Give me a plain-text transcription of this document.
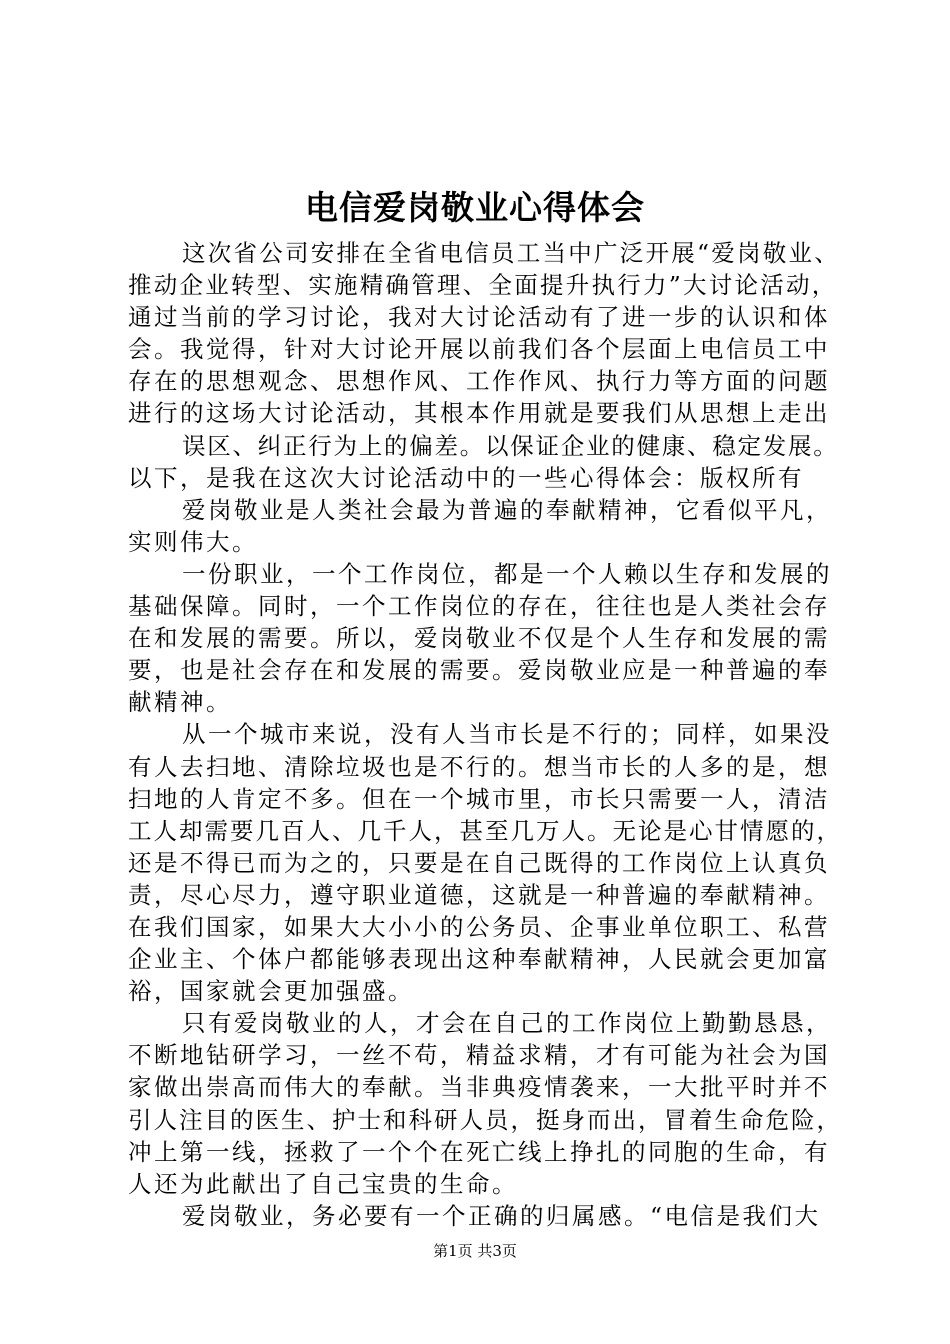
电信爱岗敬业心得体会
这次省公司安排在全省电信员工当中广泛开展“爱岗敬业、
推动企业转型、实施精确管理、全面提升执行力”大讨论活动，
通过当前的学习讨论，我对大讨论活动有了进一步的认识和体
会。我觉得，针对大讨论开展以前我们各个层面上电信员工中
存在的思想观念、思想作风、工作作风、执行力等方面的问题
进行的这场大讨论活动，其根本作用就是要我们从思想上走出
误区、纠正行为上的偏差。以保证企业的健康、稳定发展。
以下，是我在这次大讨论活动中的一些心得体会：版权所有
爱岗敬业是人类社会最为普遍的奉献精神，它看似平凡，
实则伟大。
一份职业，一个工作岗位，都是一个人赖以生存和发展的
基础保障。同时，一个工作岗位的存在，往往也是人类社会存
在和发展的需要。所以，爱岗敬业不仅是个人生存和发展的需
要，也是社会存在和发展的需要。爱岗敬业应是一种普遍的奉
献精神。
从一个城市来说，没有人当市长是不行的；同样，如果没
有人去扫地、清除垃圾也是不行的。想当市长的人多的是，想
扫地的人肯定不多。但在一个城市里，市长只需要一人，清洁
工人却需要几百人、几千人，甚至几万人。无论是心甘情愿的，
还是不得已而为之的，只要是在自己既得的工作岗位上认真负
责，尽心尽力，遵守职业道德，这就是一种普遍的奉献精神。
在我们国家，如果大大小小的公务员、企事业单位职工、私营
企业主、个体户都能够表现出这种奉献精神，人民就会更加富
裕，国家就会更加强盛。
只有爱岗敬业的人，才会在自己的工作岗位上勤勤恳恳，
不断地钻研学习，一丝不苟，精益求精，才有可能为社会为国
家做出崇高而伟大的奉献。当非典疫情袭来，一大批平时并不
引人注目的医生、护士和科研人员，挺身而出，冒着生命危险，
冲上第一线，拯救了一个个在死亡线上挣扎的同胞的生命，有
人还为此献出了自己宝贵的生命。
爱岗敬业，务必要有一个正确的归属感。“电信是我们大
第1页 共3页
